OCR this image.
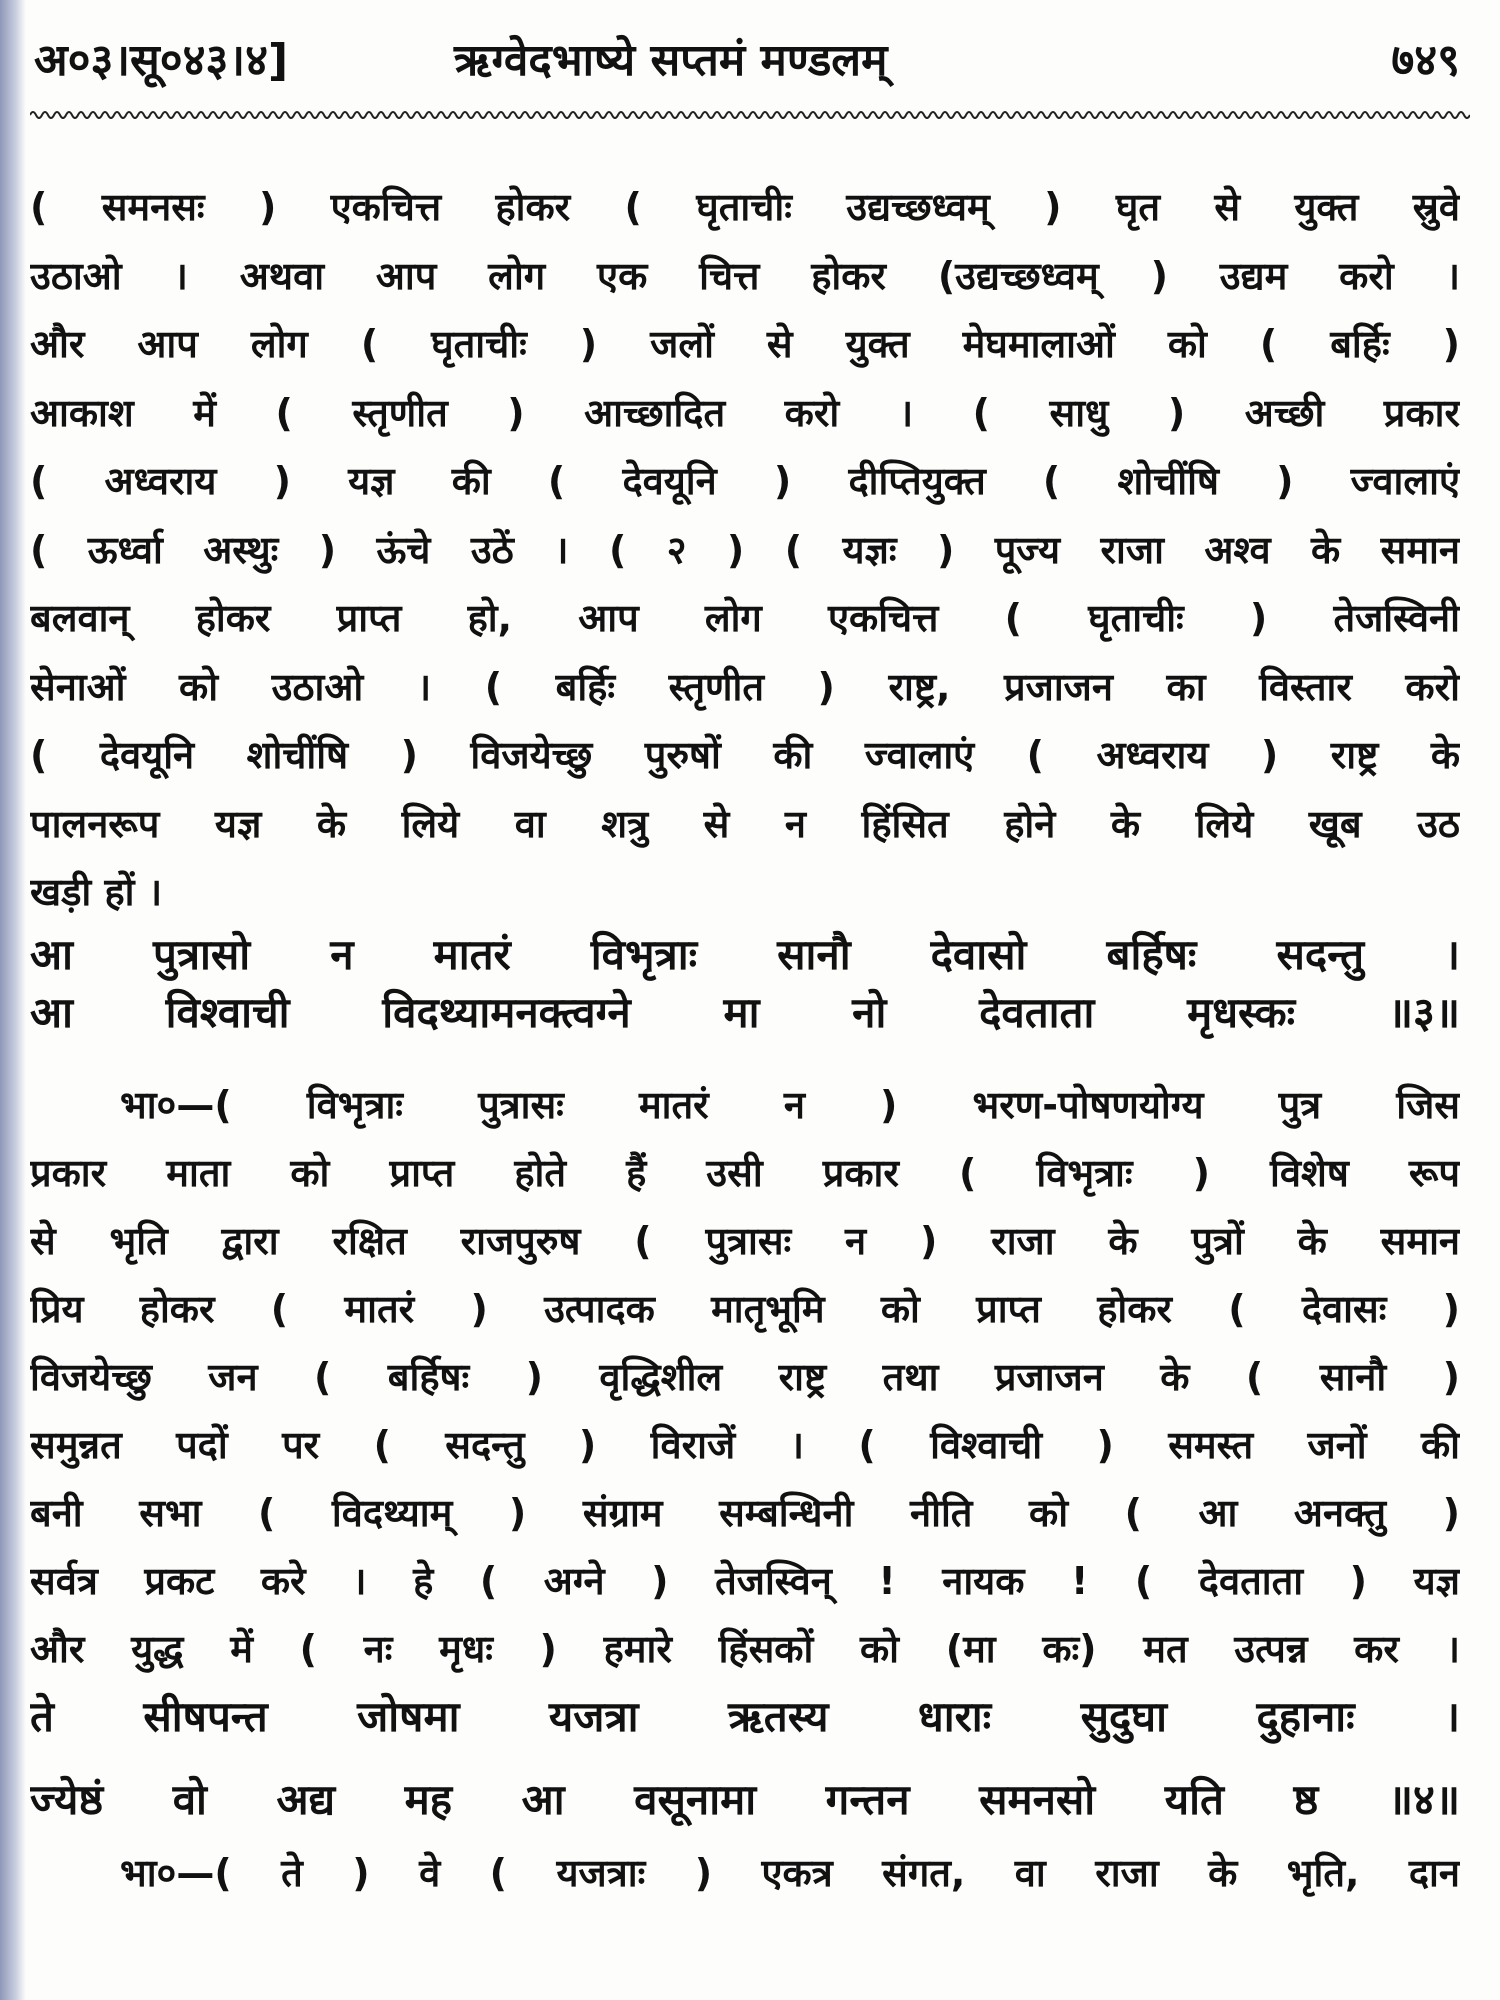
अ०३।सू०४३।४]	ऋग्वेदभाष्ये सप्तमं मण्डलम्	७४९
( समनसः ) एकचित्त होकर ( घृताचीः उद्यच्छध्वम् ) घृत से युक्त स्रुवे
उठाओ । अथवा आप लोग एक चित्त होकर (उद्यच्छध्वम् ) उद्यम करो ।
और आप लोग ( घृताचीः ) जलों से युक्त मेघमालाओं को ( बर्हिः )
आकाश में ( स्तृणीत ) आच्छादित करो । ( साधु ) अच्छी प्रकार
( अध्वराय ) यज्ञ की ( देवयूनि ) दीप्तियुक्त ( शोचींषि ) ज्वालाएं
( ऊर्ध्वा अस्थुः ) ऊंचे उठें । ( २ ) ( यज्ञः ) पूज्य राजा अश्व के समान
बलवान् होकर प्राप्त हो, आप लोग एकचित्त ( घृताचीः ) तेजस्विनी
सेनाओं को उठाओ । ( बर्हिः स्तृणीत ) राष्ट्र, प्रजाजन का विस्तार करो
( देवयूनि शोचींषि ) विजयेच्छु पुरुषों की ज्वालाएं ( अध्वराय ) राष्ट्र के
पालनरूप यज्ञ के लिये वा शत्रु से न हिंसित होने के लिये खूब उठ
खड़ी हों ।
आ पुत्रासो न मातरं विभृत्राः सानौ देवासो बर्हिषः सदन्तु ।
आ विश्वाची विदथ्यामनक्त्वग्ने मा नो देवताता मृधस्कः ॥३॥
भा०—( विभृत्राः पुत्रासः मातरं न ) भरण-पोषणयोग्य पुत्र जिस
प्रकार माता को प्राप्त होते हैं उसी प्रकार ( विभृत्राः ) विशेष रूप
से भृति द्वारा रक्षित राजपुरुष ( पुत्रासः न ) राजा के पुत्रों के समान
प्रिय होकर ( मातरं ) उत्पादक मातृभूमि को प्राप्त होकर ( देवासः )
विजयेच्छु जन ( बर्हिषः ) वृद्धिशील राष्ट्र तथा प्रजाजन के ( सानौ )
समुन्नत पदों पर ( सदन्तु ) विराजें । ( विश्वाची ) समस्त जनों की
बनी सभा ( विदथ्याम् ) संग्राम सम्बन्धिनी नीति को ( आ अनक्तु )
सर्वत्र प्रकट करे । हे ( अग्ने ) तेजस्विन् ! नायक ! ( देवताता ) यज्ञ
और युद्ध में ( नः मृधः ) हमारे हिंसकों को (मा कः) मत उत्पन्न कर ।
ते सीषपन्त जोषमा यजत्रा ऋतस्य धाराः सुदुघा दुहानाः ।
ज्येष्ठं वो अद्य मह आ वसूनामा गन्तन समनसो यति ष्ठ ॥४॥
भा०—( ते ) वे ( यजत्राः ) एकत्र संगत, वा राजा के भृति, दान
